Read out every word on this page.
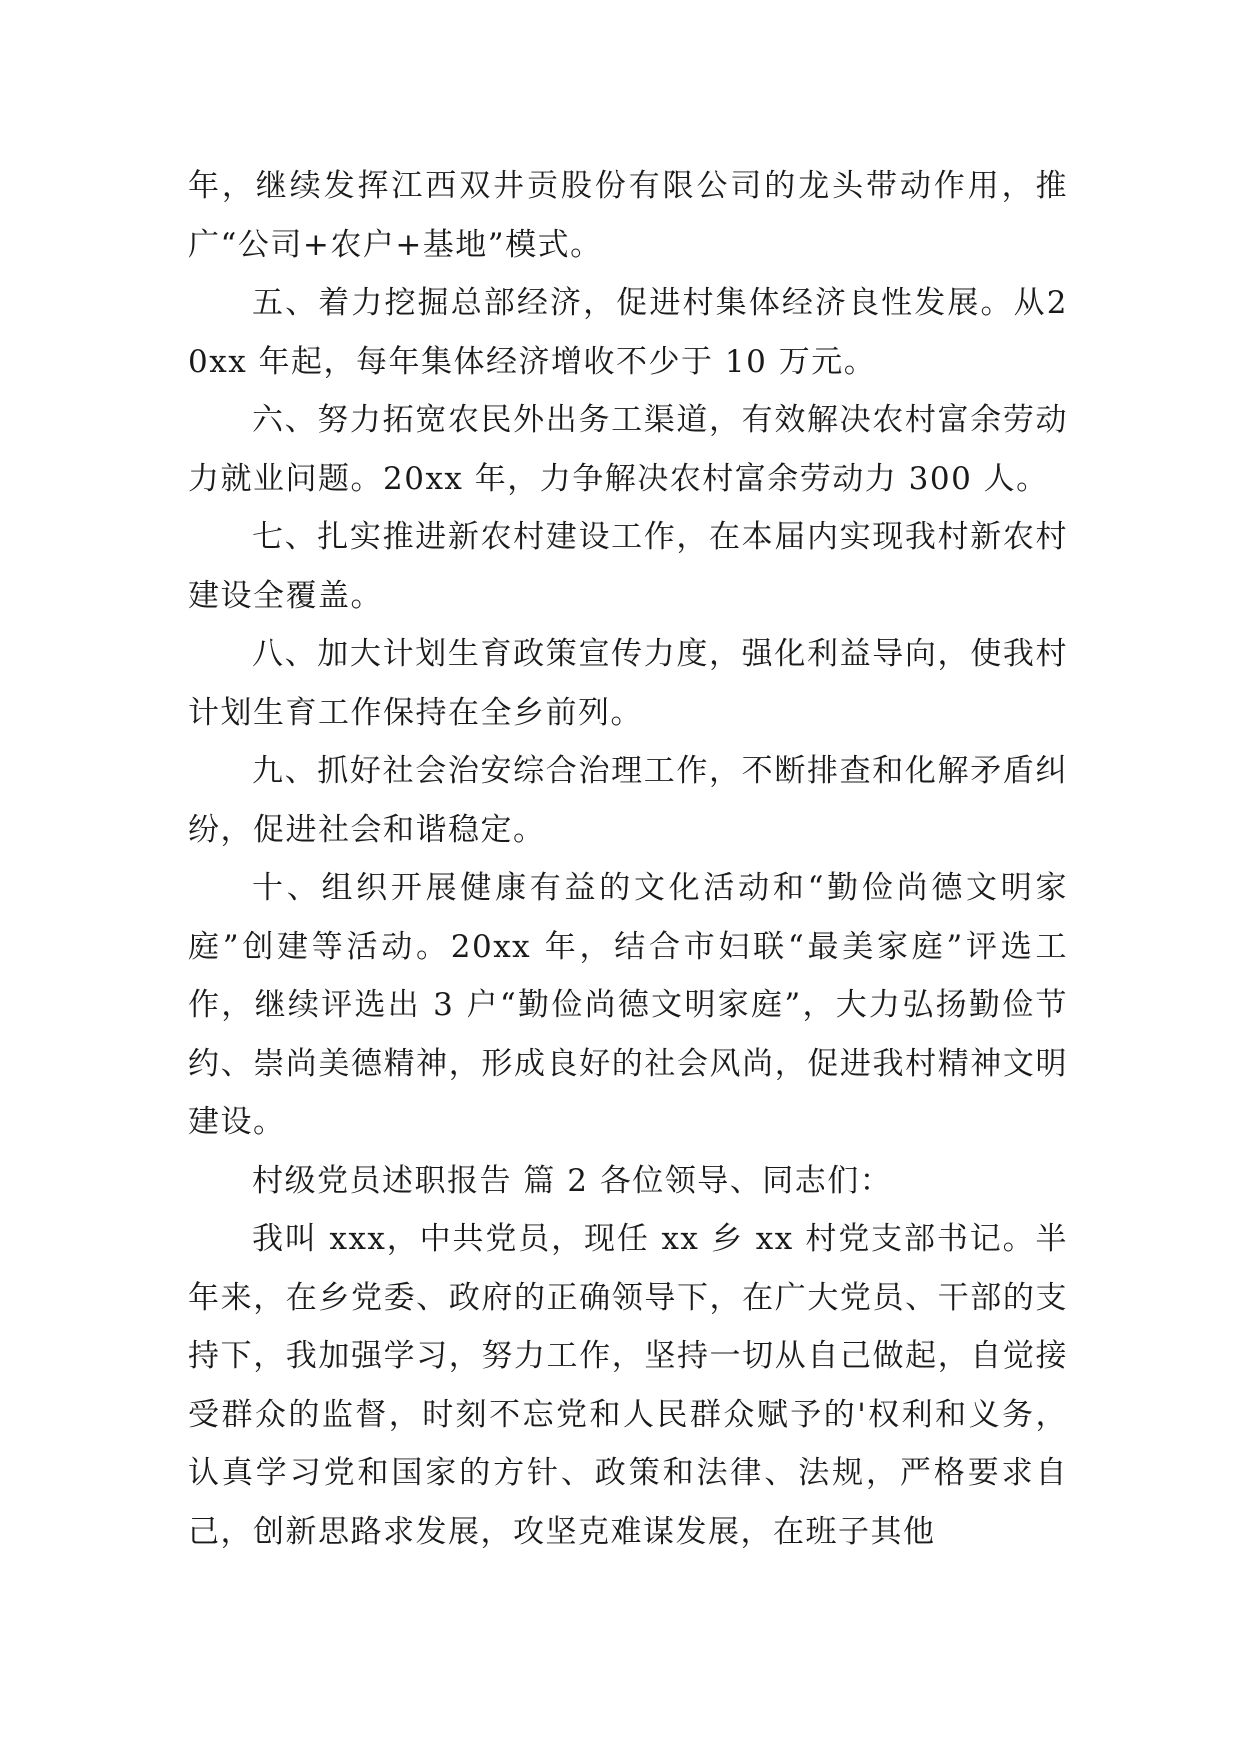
年，继续发挥江西双井贡股份有限公司的龙头带动作用，推广“公司+农户+基地”模式。

五、着力挖掘总部经济，促进村集体经济良性发展。从20xx 年起，每年集体经济增收不少于 10 万元。

六、努力拓宽农民外出务工渠道，有效解决农村富余劳动力就业问题。20xx 年，力争解决农村富余劳动力 300 人。

七、扎实推进新农村建设工作，在本届内实现我村新农村建设全覆盖。

八、加大计划生育政策宣传力度，强化利益导向，使我村计划生育工作保持在全乡前列。

九、抓好社会治安综合治理工作，不断排查和化解矛盾纠纷，促进社会和谐稳定。

十、组织开展健康有益的文化活动和“勤俭尚德文明家庭”创建等活动。20xx 年，结合市妇联“最美家庭”评选工作，继续评选出 3 户“勤俭尚德文明家庭”，大力弘扬勤俭节约、崇尚美德精神，形成良好的社会风尚，促进我村精神文明建设。

村级党员述职报告 篇 2 各位领导、同志们：

我叫 xxx，中共党员，现任 xx 乡 xx 村党支部书记。半年来，在乡党委、政府的正确领导下，在广大党员、干部的支持下，我加强学习，努力工作，坚持一切从自己做起，自觉接受群众的监督，时刻不忘党和人民群众赋予的'权利和义务，认真学习党和国家的方针、政策和法律、法规，严格要求自己，创新思路求发展，攻坚克难谋发展，在班子其他
